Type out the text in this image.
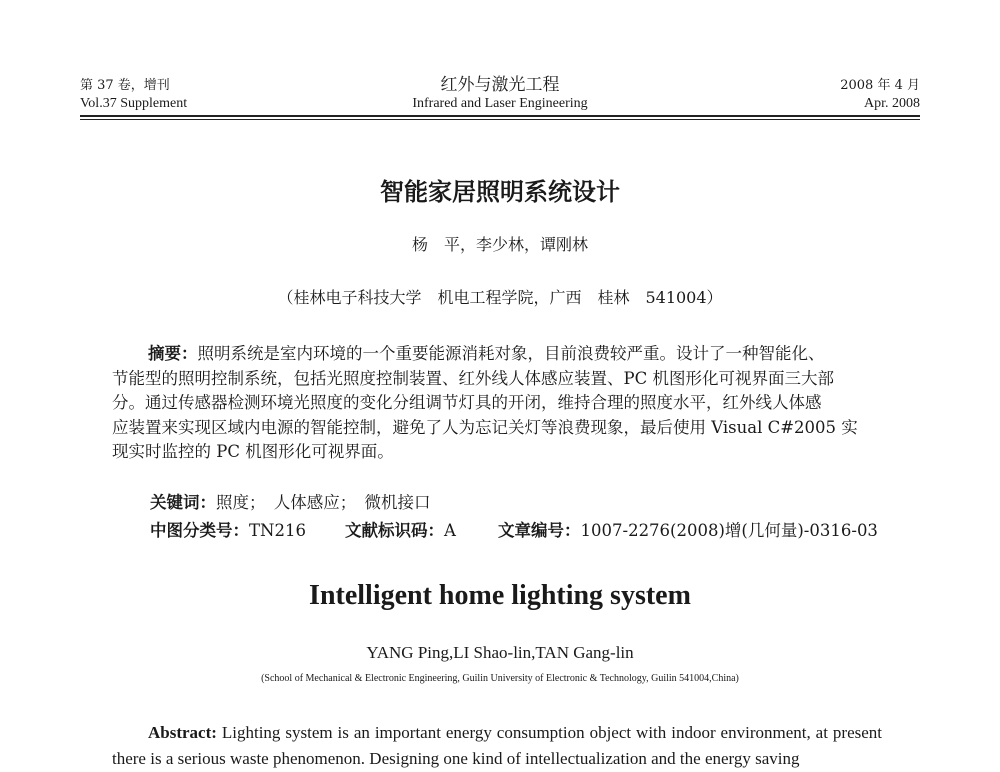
第 37 卷，增刊
Vol.37 Supplement
红外与激光工程
Infrared and Laser Engineering
2008 年 4 月
Apr. 2008
智能家居照明系统设计
杨　平，李少林，谭刚林
（桂林电子科技大学　机电工程学院，广西　桂林　541004）
摘要：照明系统是室内环境的一个重要能源消耗对象，目前浪费较严重。设计了一种智能化、
节能型的照明控制系统，包括光照度控制装置、红外线人体感应装置、PC 机图形化可视界面三大部
分。通过传感器检测环境光照度的变化分组调节灯具的开闭，维持合理的照度水平，红外线人体感
应装置来实现区域内电源的智能控制，避免了人为忘记关灯等浪费现象，最后使用 Visual C#2005 实
现实时监控的 PC 机图形化可视界面。
关键词：照度；　人体感应；　微机接口
中图分类号：TN216 文献标识码：A	文章编号：1007-2276(2008)增(几何量)-0316-03
Intelligent home lighting system
YANG Ping,LI Shao-lin,TAN Gang-lin
(School of Mechanical & Electronic Engineering, Guilin University of Electronic & Technology, Guilin 541004,China)
Abstract: Lighting system is an important energy consumption object with indoor environment, at present there is a serious waste phenomenon. Designing one kind of intellectualization and the energy saving
